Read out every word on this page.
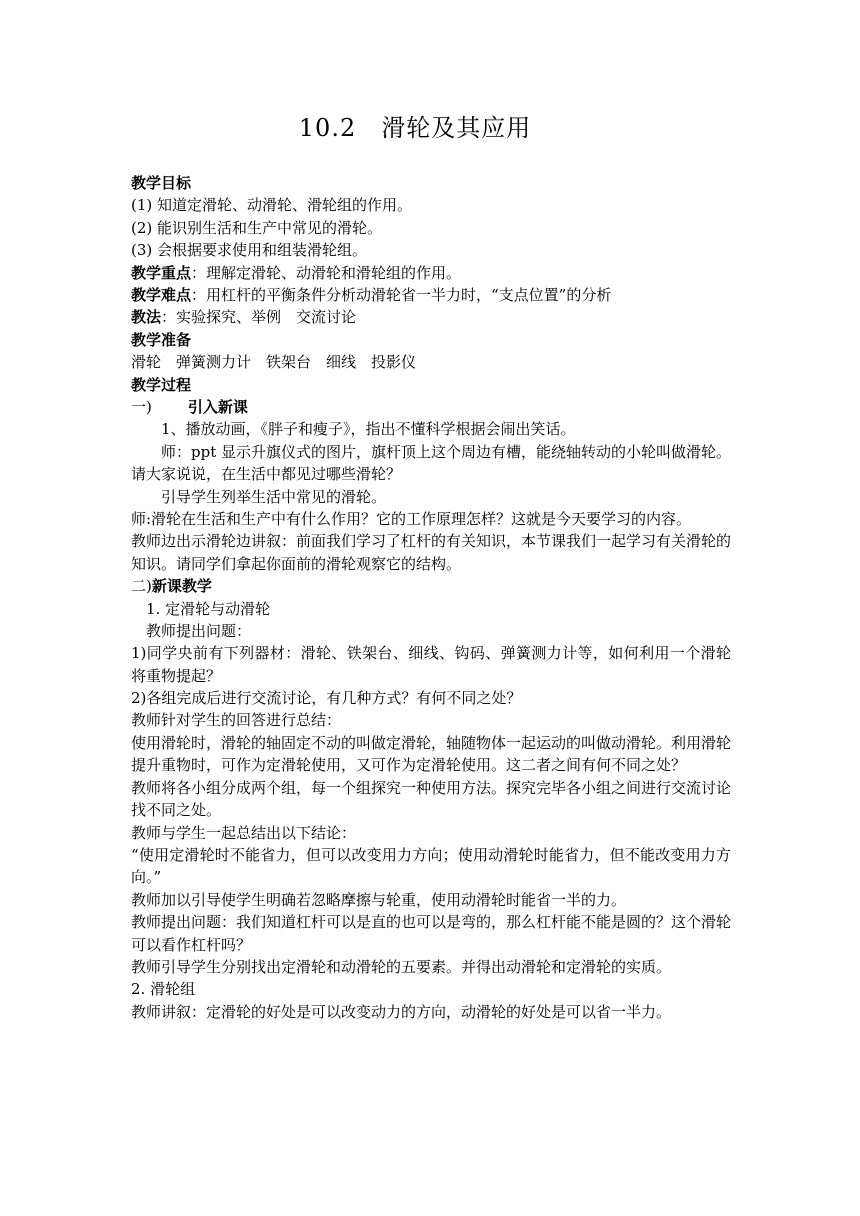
10.2　滑轮及其应用
教学目标
(1) 知道定滑轮、动滑轮、滑轮组的作用。
(2) 能识别生活和生产中常见的滑轮。
(3) 会根据要求使用和组装滑轮组。
教学重点：理解定滑轮、动滑轮和滑轮组的作用。
教学难点：用杠杆的平衡条件分析动滑轮省一半力时，“支点位置”的分析
教法：实验探究、举例　交流讨论
教学准备
滑轮　弹簧测力计　铁架台　细线　投影仪
教学过程
一) 引入新课
1、播放动画，《胖子和瘦子》，指出不懂科学根据会闹出笑话。
师：ppt 显示升旗仪式的图片，旗杆顶上这个周边有槽，能绕轴转动的小轮叫做滑轮。请大家说说，在生活中都见过哪些滑轮？
引导学生列举生活中常见的滑轮。
师:滑轮在生活和生产中有什么作用？它的工作原理怎样？这就是今天要学习的内容。
教师边出示滑轮边讲叙：前面我们学习了杠杆的有关知识，本节课我们一起学习有关滑轮的知识。请同学们拿起你面前的滑轮观察它的结构。
二)新课教学
1. 定滑轮与动滑轮
教师提出问题：
1)同学央前有下列器材：滑轮、铁架台、细线、钩码、弹簧测力计等，如何利用一个滑轮将重物提起？
2)各组完成后进行交流讨论，有几种方式？有何不同之处？
教师针对学生的回答进行总结：
使用滑轮时，滑轮的轴固定不动的叫做定滑轮，轴随物体一起运动的叫做动滑轮。利用滑轮提升重物时，可作为定滑轮使用，又可作为定滑轮使用。这二者之间有何不同之处？
教师将各小组分成两个组，每一个组探究一种使用方法。探究完毕各小组之间进行交流讨论找不同之处。
教师与学生一起总结出以下结论：
“使用定滑轮时不能省力，但可以改变用力方向；使用动滑轮时能省力，但不能改变用力方向。”
教师加以引导使学生明确若忽略摩擦与轮重，使用动滑轮时能省一半的力。
教师提出问题：我们知道杠杆可以是直的也可以是弯的，那么杠杆能不能是圆的？这个滑轮可以看作杠杆吗？
教师引导学生分别找出定滑轮和动滑轮的五要素。并得出动滑轮和定滑轮的实质。
2. 滑轮组
教师讲叙：定滑轮的好处是可以改变动力的方向，动滑轮的好处是可以省一半力。
